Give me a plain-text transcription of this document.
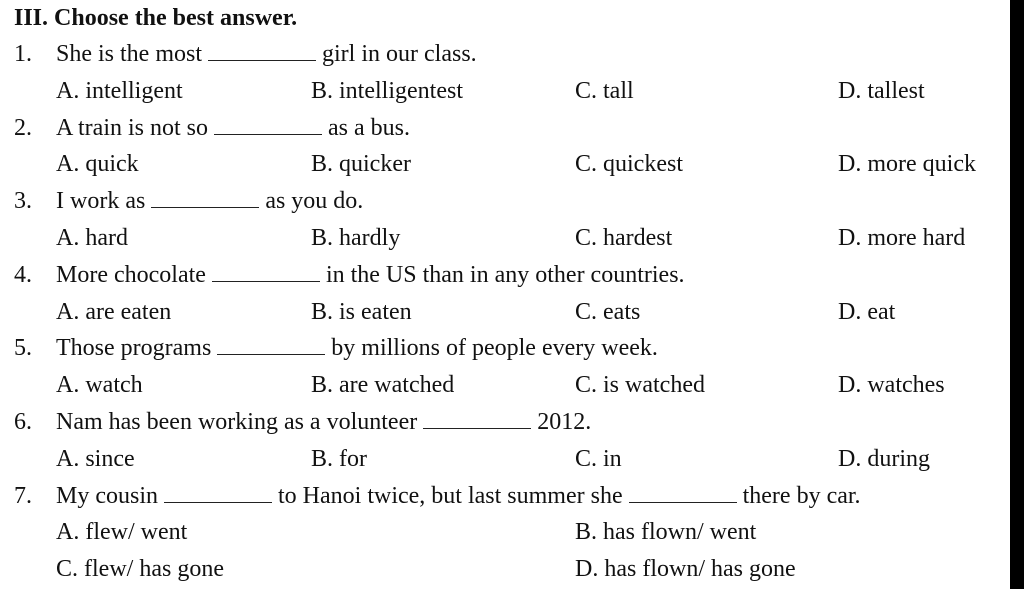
III. Choose the best answer.
1. She is the most	girl in our class.
A. intelligent	B. intelligentest	C. tall	D. tallest
2. A train is not so	as a bus.
A. quick	B. quicker	C. quickest	D. more quick
3. I work as	as you do.
A. hard	B. hardly	C. hardest	D. more hard
4. More chocolate	in the US than in any other countries.
A. are eaten	B. is eaten	C. eats	D. eat
5. Those programs	by millions of people every week.
A. watch	B. are watched	C. is watched	D. watches
6. Nam has been working as a volunteer	2012.
A. since	B. for	C. in	D. during
7. My cousin	to Hanoi twice, but last summer she	there by car.
A. flew/ went	B. has flown/ went
C. flew/ has gone	D. has flown/ has gone
